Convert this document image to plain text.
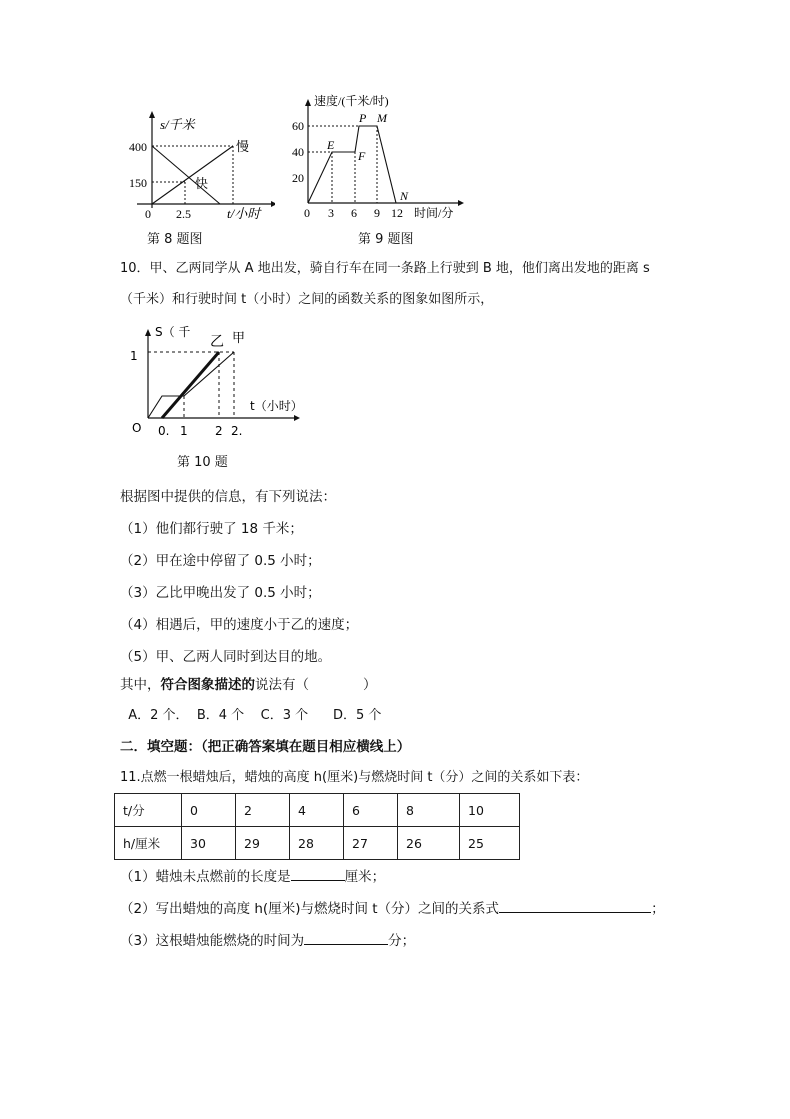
s/千米
400
150
0 2.5	t/小时
慢
快
第 8 题图
速度/(千米/时)
60
40
20
0 3 6 9 12 时间/分
E
F
P M
N
第 9 题图
10．甲、乙两同学从 A 地出发，骑自行车在同一条路上行驶到 B 地，他们离出发地的距离 s
（千米）和行驶时间 t（小时）之间的函数关系的图象如图所示，
S（ 千
1
乙 甲
t（小时）
O 0. 1 2 2.
第 10 题
根据图中提供的信息，有下列说法：
（1）他们都行驶了 18 千米；
（2）甲在途中停留了 0.5 小时；
（3）乙比甲晚出发了 0.5 小时；
（4）相遇后，甲的速度小于乙的速度；
（5）甲、乙两人同时到达目的地。
其中，符合图象描述的说法有（　　　　）
A．2 个．  B．4 个    C．3 个      D．5 个
二．填空题：（把正确答案填在题目相应横线上）
11.点燃一根蜡烛后，蜡烛的高度 h(厘米)与燃烧时间 t（分）之间的关系如下表：
t/分	0	2	4	6	8	10
h/厘米	30	29	28	27	26	25
（1）蜡烛未点燃前的长度是	厘米；
（2）写出蜡烛的高度 h(厘米)与燃烧时间 t（分）之间的关系式	；
（3）这根蜡烛能燃烧的时间为	分；
